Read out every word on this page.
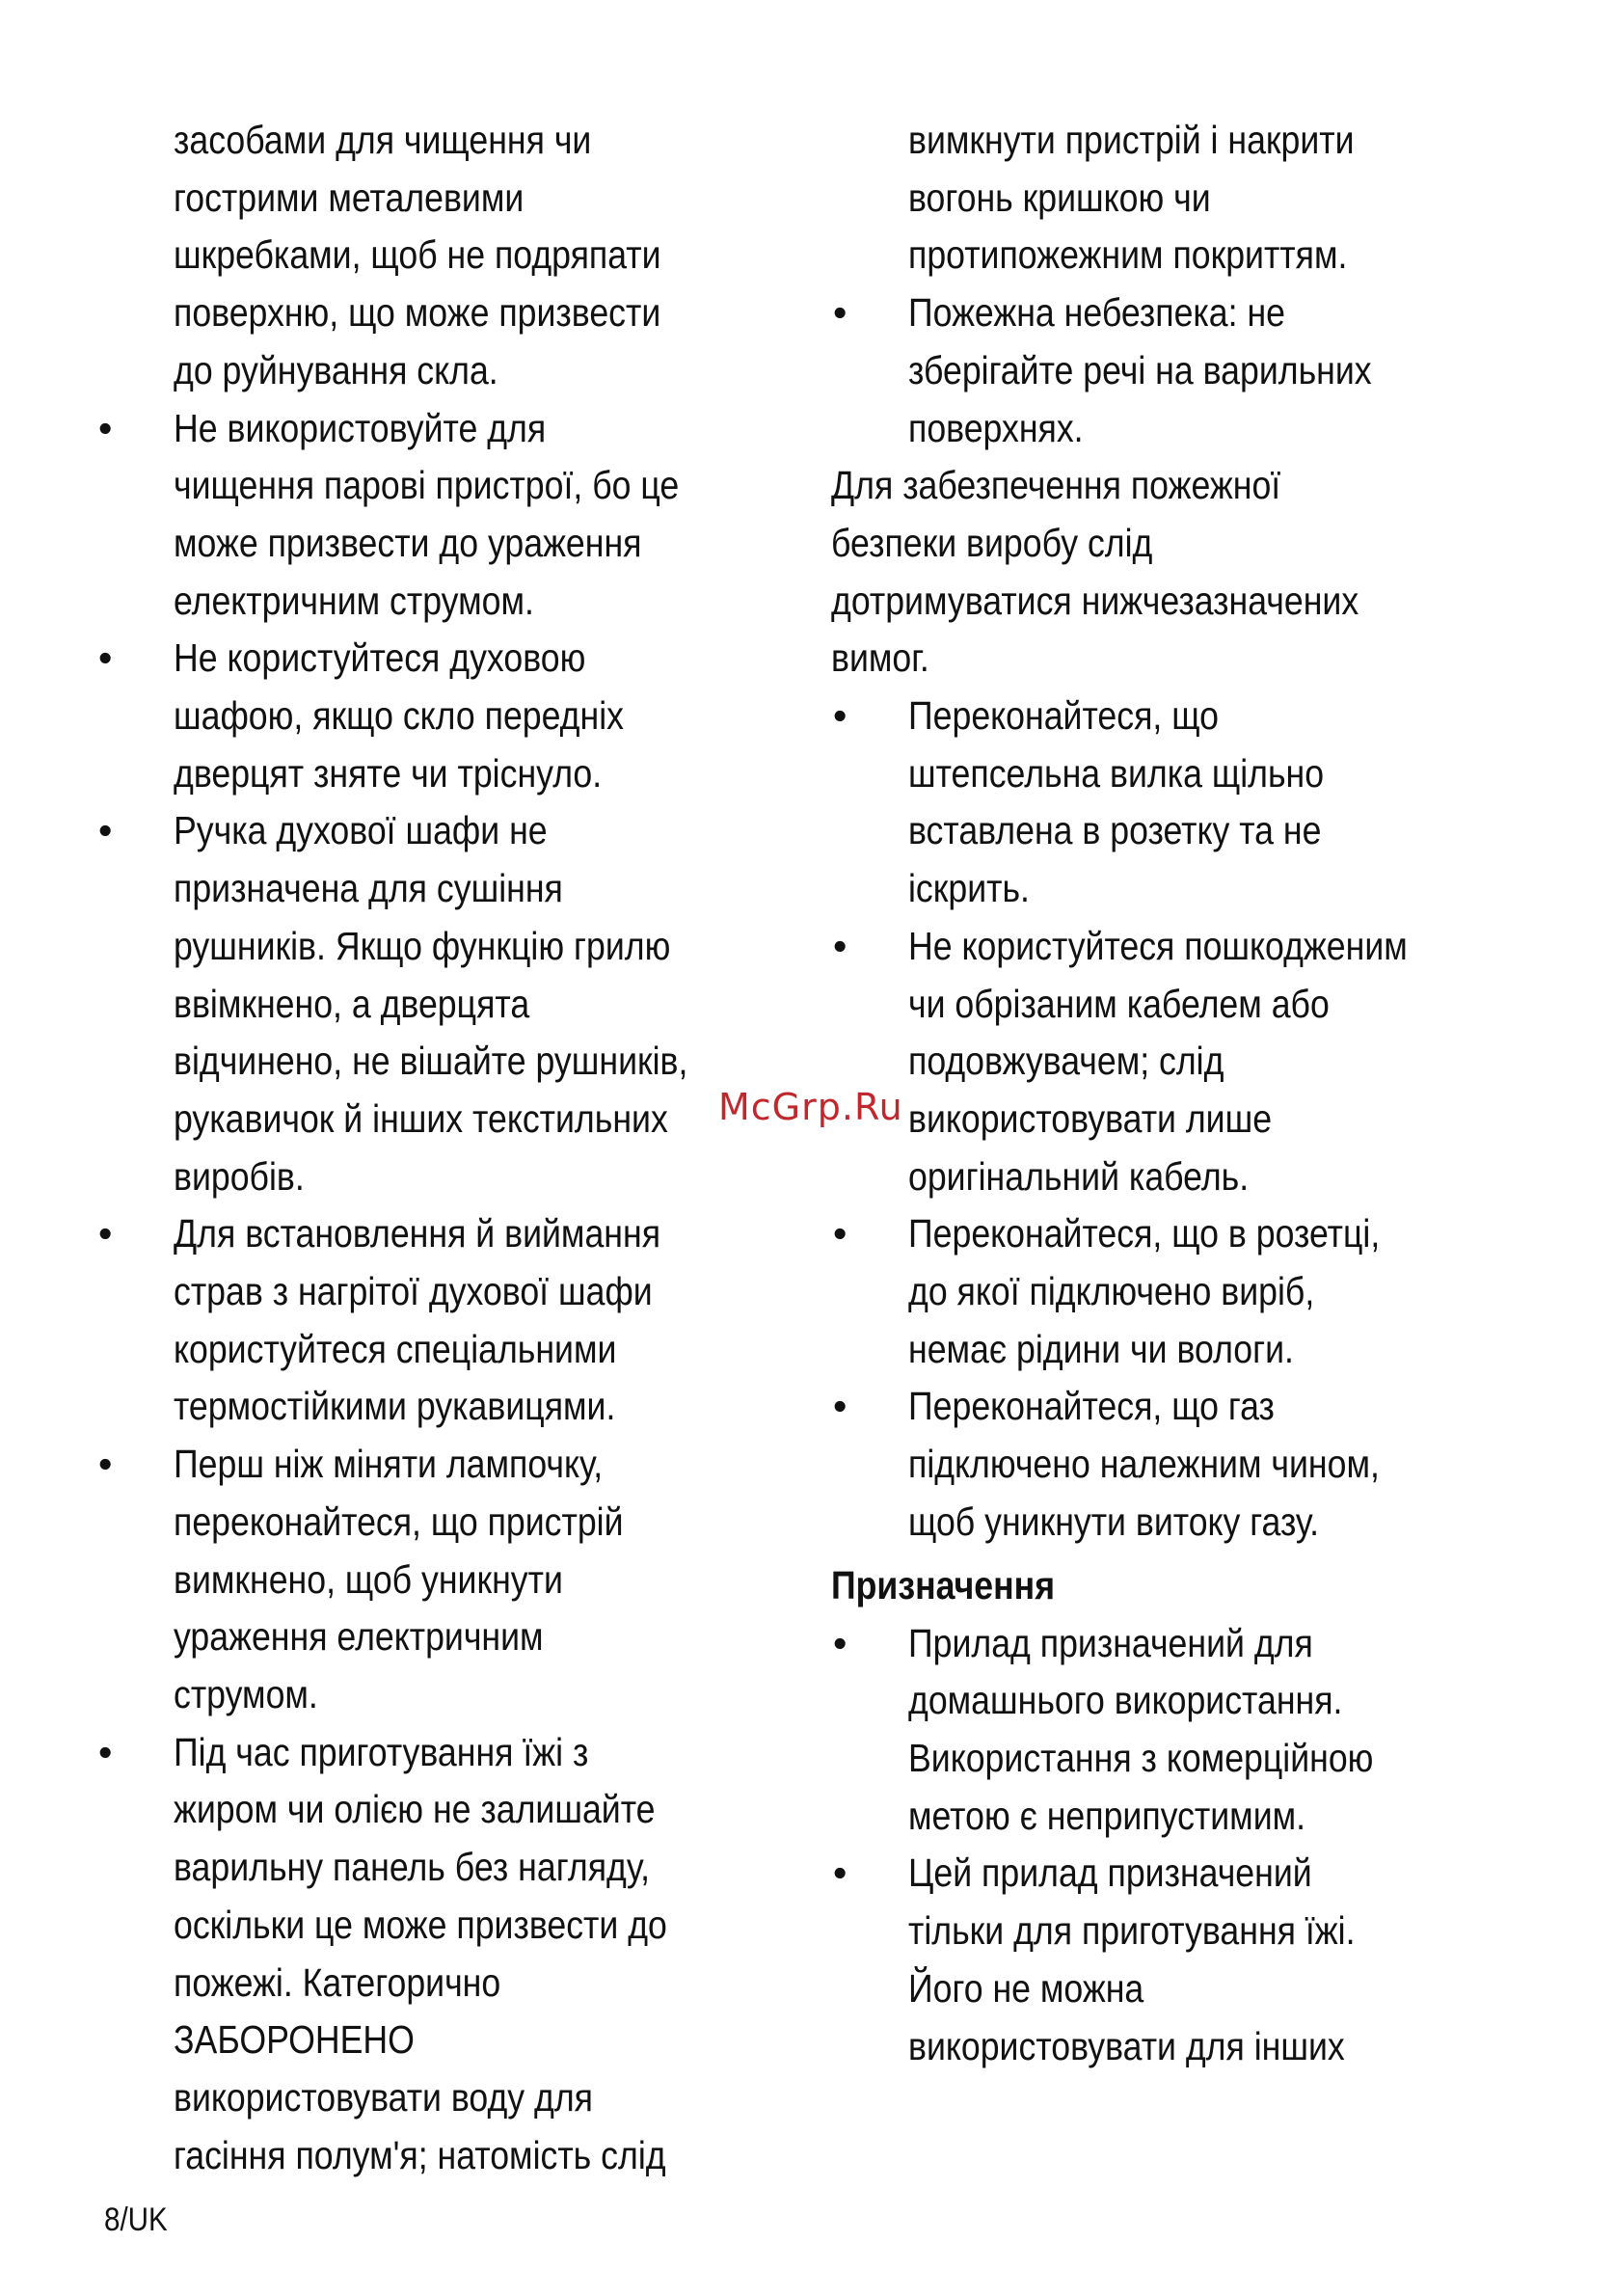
засобами для чищення чи
гострими металевими
шкребками, щоб не подряпати
поверхню, що може призвести
до руйнування скла.
• Не використовуйте для
чищення парові пристрої, бо це
може призвести до ураження
електричним струмом.
• Не користуйтеся духовою
шафою, якщо скло передніх
дверцят зняте чи тріснуло.
• Ручка духової шафи не
призначена для сушіння
рушників. Якщо функцію грилю
ввімкнено, а дверцята
відчинено, не вішайте рушників,
рукавичок й інших текстильних
виробів.
• Для встановлення й виймання
страв з нагрітої духової шафи
користуйтеся спеціальними
термостійкими рукавицями.
• Перш ніж міняти лампочку,
переконайтеся, що пристрій
вимкнено, щоб уникнути
ураження електричним
струмом.
• Під час приготування їжі з
жиром чи олією не залишайте
варильну панель без нагляду,
оскільки це може призвести до
пожежі. Категорично
ЗАБОРОНЕНО
використовувати воду для
гасіння полум'я; натомість слід
вимкнути пристрій і накрити
вогонь кришкою чи
протипожежним покриттям.
• Пожежна небезпека: не
зберігайте речі на варильних
поверхнях.
Для забезпечення пожежної
безпеки виробу слід
дотримуватися нижчезазначених
вимог.
• Переконайтеся, що
штепсельна вилка щільно
вставлена в розетку та не
іскрить.
• Не користуйтеся пошкодженим
чи обрізаним кабелем або
подовжувачем; слід
використовувати лише
оригінальний кабель.
• Переконайтеся, що в розетці,
до якої підключено виріб,
немає рідини чи вологи.
• Переконайтеся, що газ
підключено належним чином,
щоб уникнути витоку газу.
Призначення
• Прилад призначений для
домашнього використання.
Використання з комерційною
метою є неприпустимим.
• Цей прилад призначений
тільки для приготування їжі.
Його не можна
використовувати для інших
McGrp.Ru
8/UK
